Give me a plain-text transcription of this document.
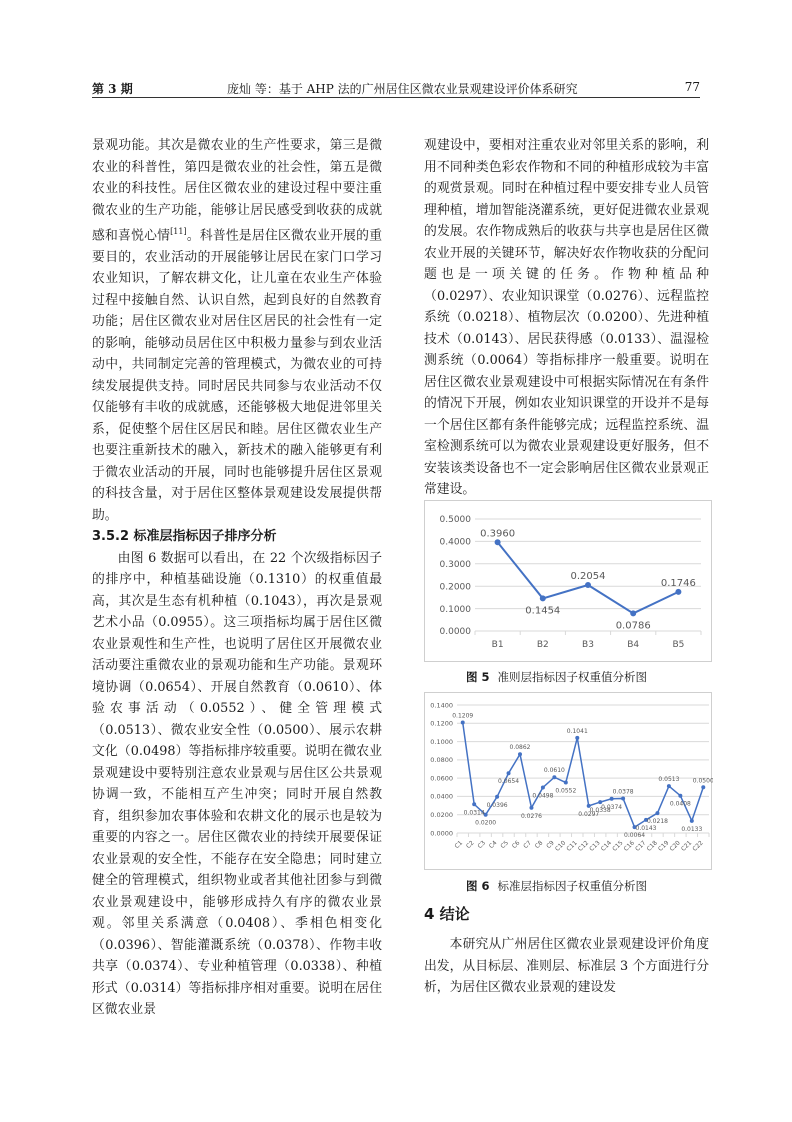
第 3 期	庞灿 等：基于 AHP 法的广州居住区微农业景观建设评价体系研究	77

景观功能。其次是微农业的生产性要求，第三是微农业的科普性，第四是微农业的社会性，第五是微农业的科技性。居住区微农业的建设过程中要注重微农业的生产功能，能够让居民感受到收获的成就感和喜悦心情[11]。科普性是居住区微农业开展的重要目的，农业活动的开展能够让居民在家门口学习农业知识，了解农耕文化，让儿童在农业生产体验过程中接触自然、认识自然，起到良好的自然教育功能；居住区微农业对居住区居民的社会性有一定的影响，能够动员居住区中积极力量参与到农业活动中，共同制定完善的管理模式，为微农业的可持续发展提供支持。同时居民共同参与农业活动不仅仅能够有丰收的成就感，还能够极大地促进邻里关系，促使整个居住区居民和睦。居住区微农业生产也要注重新技术的融入，新技术的融入能够更有利于微农业活动的开展，同时也能够提升居住区景观的科技含量，对于居住区整体景观建设发展提供帮助。

3.5.2 标准层指标因子排序分析

由图 6 数据可以看出，在 22 个次级指标因子的排序中，种植基础设施（0.1310）的权重值最高，其次是生态有机种植（0.1043），再次是景观艺术小品（0.0955）。这三项指标均属于居住区微农业景观性和生产性，也说明了居住区开展微农业活动要注重微农业的景观功能和生产功能。景观环境协调（0.0654）、开展自然教育（0.0610）、体验农事活动（0.0552）、健全管理模式（0.0513）、微农业安全性（0.0500）、展示农耕文化（0.0498）等指标排序较重要。说明在微农业景观建设中要特别注意农业景观与居住区公共景观协调一致，不能相互产生冲突；同时开展自然教育，组织参加农事体验和农耕文化的展示也是较为重要的内容之一。居住区微农业的持续开展要保证农业景观的安全性，不能存在安全隐患；同时建立健全的管理模式，组织物业或者其他社团参与到微农业景观建设中，能够形成持久有序的微农业景观。邻里关系满意（0.0408）、季相色相变化（0.0396）、智能灌溉系统（0.0378）、作物丰收共享（0.0374）、专业种植管理（0.0338）、种植形式（0.0314）等指标排序相对重要。说明在居住区微农业景

观建设中，要相对注重农业对邻里关系的影响，利用不同种类色彩农作物和不同的种植形成较为丰富的观赏景观。同时在种植过程中要安排专业人员管理种植，增加智能浇灌系统，更好促进微农业景观的发展。农作物成熟后的收获与共享也是居住区微农业开展的关键环节，解决好农作物收获的分配问题也是一项关键的任务。作物种植品种（0.0297）、农业知识课堂（0.0276）、远程监控系统（0.0218）、植物层次（0.0200）、先进种植技术（0.0143）、居民获得感（0.0133）、温湿检测系统（0.0064）等指标排序一般重要。说明在居住区微农业景观建设中可根据实际情况在有条件的情况下开展，例如农业知识课堂的开设并不是每一个居住区都有条件能够完成；远程监控系统、温室检测系统可以为微农业景观建设更好服务，但不安装该类设备也不一定会影响居住区微农业景观正常建设。

0.0000
0.1000
0.2000
0.3000
0.4000
0.5000
B1	B2	B3	B4	B5
0.3960
0.1454
0.2054
0.0786
0.1746
图 5 准则层指标因子权重值分析图
0.0000
0.0200
0.0400
0.0600
0.0800
0.1000
0.1200
0.1400
C1 C2 C3 C4 C5 C6 C7 C8 C9
C10
C11
C12
C13
C14
C15
C16
C17
C18
C19
C20
C21
C22
0.1209
0.0314
0.0200
0.0396
0.0654
0.0862
0.0276
0.0498
0.0610
0.0552
0.1041
0.0297
0.0338
0.0374
0.0378
0.0064
0.0143
0.0218
0.0513
0.0408
0.0133
0.0500
图 6 标准层指标因子权重值分析图
4 结论

本研究从广州居住区微农业景观建设评价角度出发，从目标层、准则层、标准层 3 个方面进行分析，为居住区微农业景观的建设发
